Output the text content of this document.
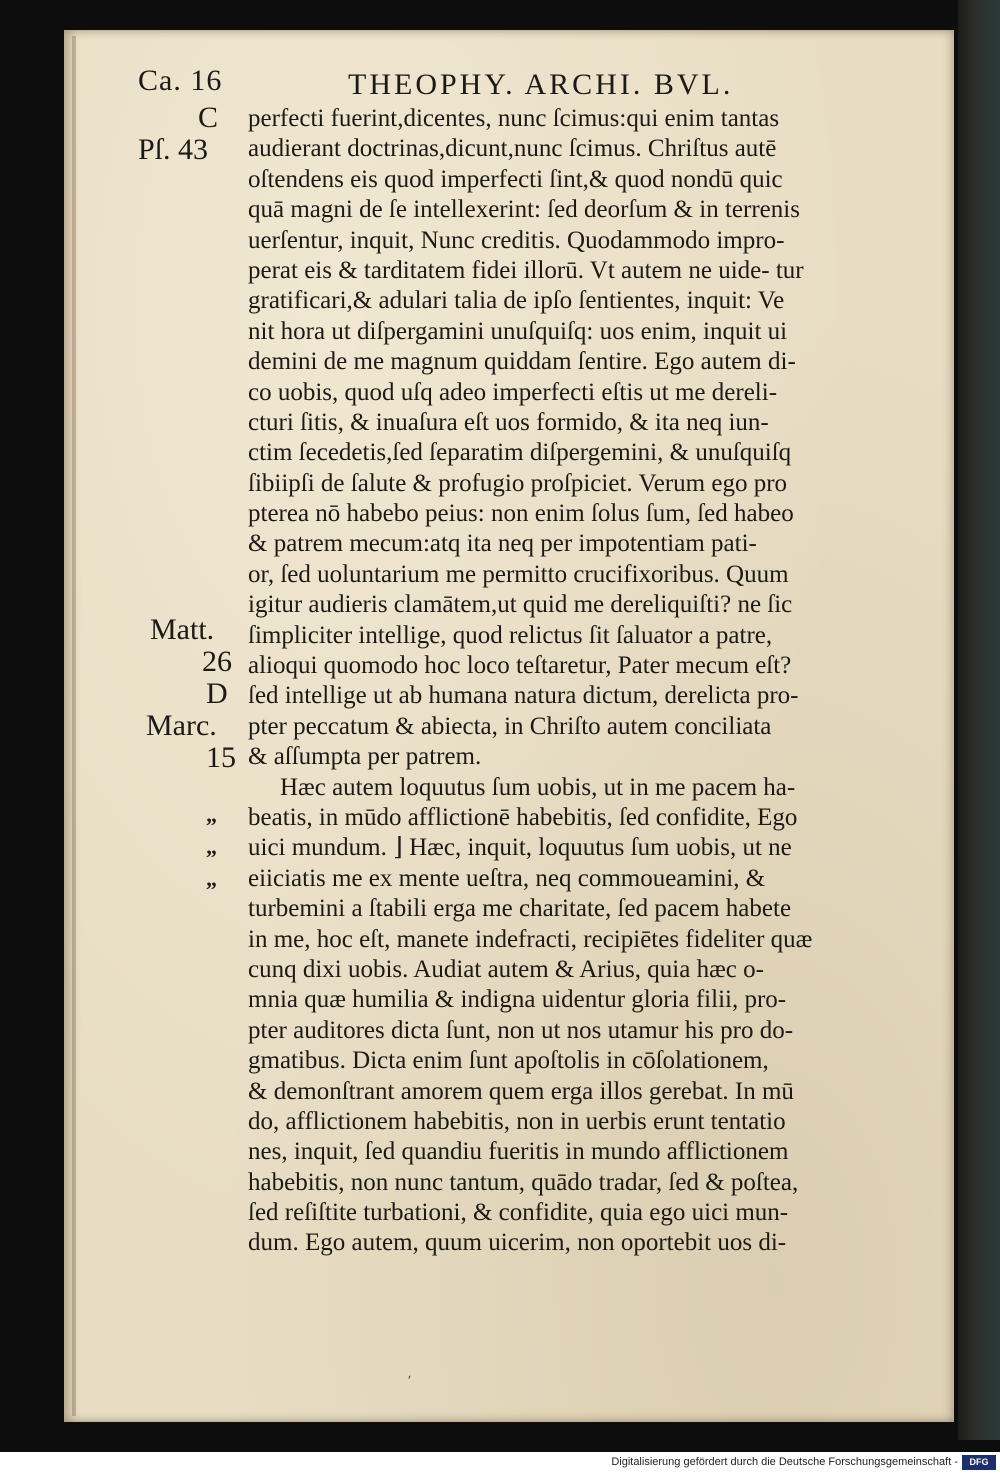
Ca. 16	THEOPHY. ARCHI. BVL.
C
Pſ. 43
Matt.
26
D
Marc.
15
„
„
„
perfecti fuerint,dicentes, nunc ſcimus:qui enim tantas
audierant doctrinas,dicunt,nunc ſcimus. Chriſtus autē
oſtendens eis quod imperfecti ſint,& quod nondū quic
quā magni de ſe intellexerint: ſed deorſum & in terrenis
uerſentur, inquit, Nunc creditis. Quodammodo impro-
perat eis & tarditatem fidei illorū. Vt autem ne uide- tur
gratificari,& adulari talia de ipſo ſentientes, inquit: Ve
nit hora ut diſpergamini unuſquiſq: uos enim, inquit ui
demini de me magnum quiddam ſentire. Ego autem di-
co uobis, quod uſq adeo imperfecti eſtis ut me dereli-
cturi ſitis, & inuaſura eſt uos formido, & ita neq iun-
ctim ſecedetis,ſed ſeparatim diſpergemini, & unuſquiſq
ſibiipſi de ſalute & profugio proſpiciet. Verum ego pro
pterea nō habebo peius: non enim ſolus ſum, ſed habeo
& patrem mecum:atq ita neq per impotentiam pati-
or, ſed uoluntarium me permitto crucifixoribus. Quum
igitur audieris clamātem,ut quid me dereliquiſti? ne ſic
ſimpliciter intellige, quod relictus ſit ſaluator a patre,
alioqui quomodo hoc loco teſtaretur, Pater mecum eſt?
ſed intellige ut ab humana natura dictum, derelicta pro-
pter peccatum & abiecta, in Chriſto autem conciliata
& aſſumpta per patrem.
Hæc autem loquutus ſum uobis, ut in me pacem ha-
beatis, in mūdo afflictionē habebitis, ſed confidite, Ego
uici mundum. ⌋ Hæc, inquit, loquutus ſum uobis, ut ne
eiiciatis me ex mente ueſtra, neq commoueamini, &
turbemini a ſtabili erga me charitate, ſed pacem habete
in me, hoc eſt, manete indefracti, recipiētes fideliter quæ
cunq dixi uobis. Audiat autem & Arius, quia hæc o-
mnia quæ humilia & indigna uidentur gloria filii, pro-
pter auditores dicta ſunt, non ut nos utamur his pro do-
gmatibus. Dicta enim ſunt apoſtolis in cōſolationem,
& demonſtrant amorem quem erga illos gerebat. In mū
do, afflictionem habebitis, non in uerbis erunt tentatio
nes, inquit, ſed quandiu fueritis in mundo afflictionem
habebitis, non nunc tantum, quādo tradar, ſed & poſtea,
ſed reſiſtite turbationi, & confidite, quia ego uici mun-
dum. Ego autem, quum uicerim, non oportebit uos di-
ʹ
Digitalisierung gefördert durch die Deutsche Forschungsgemeinschaft -	DFG
